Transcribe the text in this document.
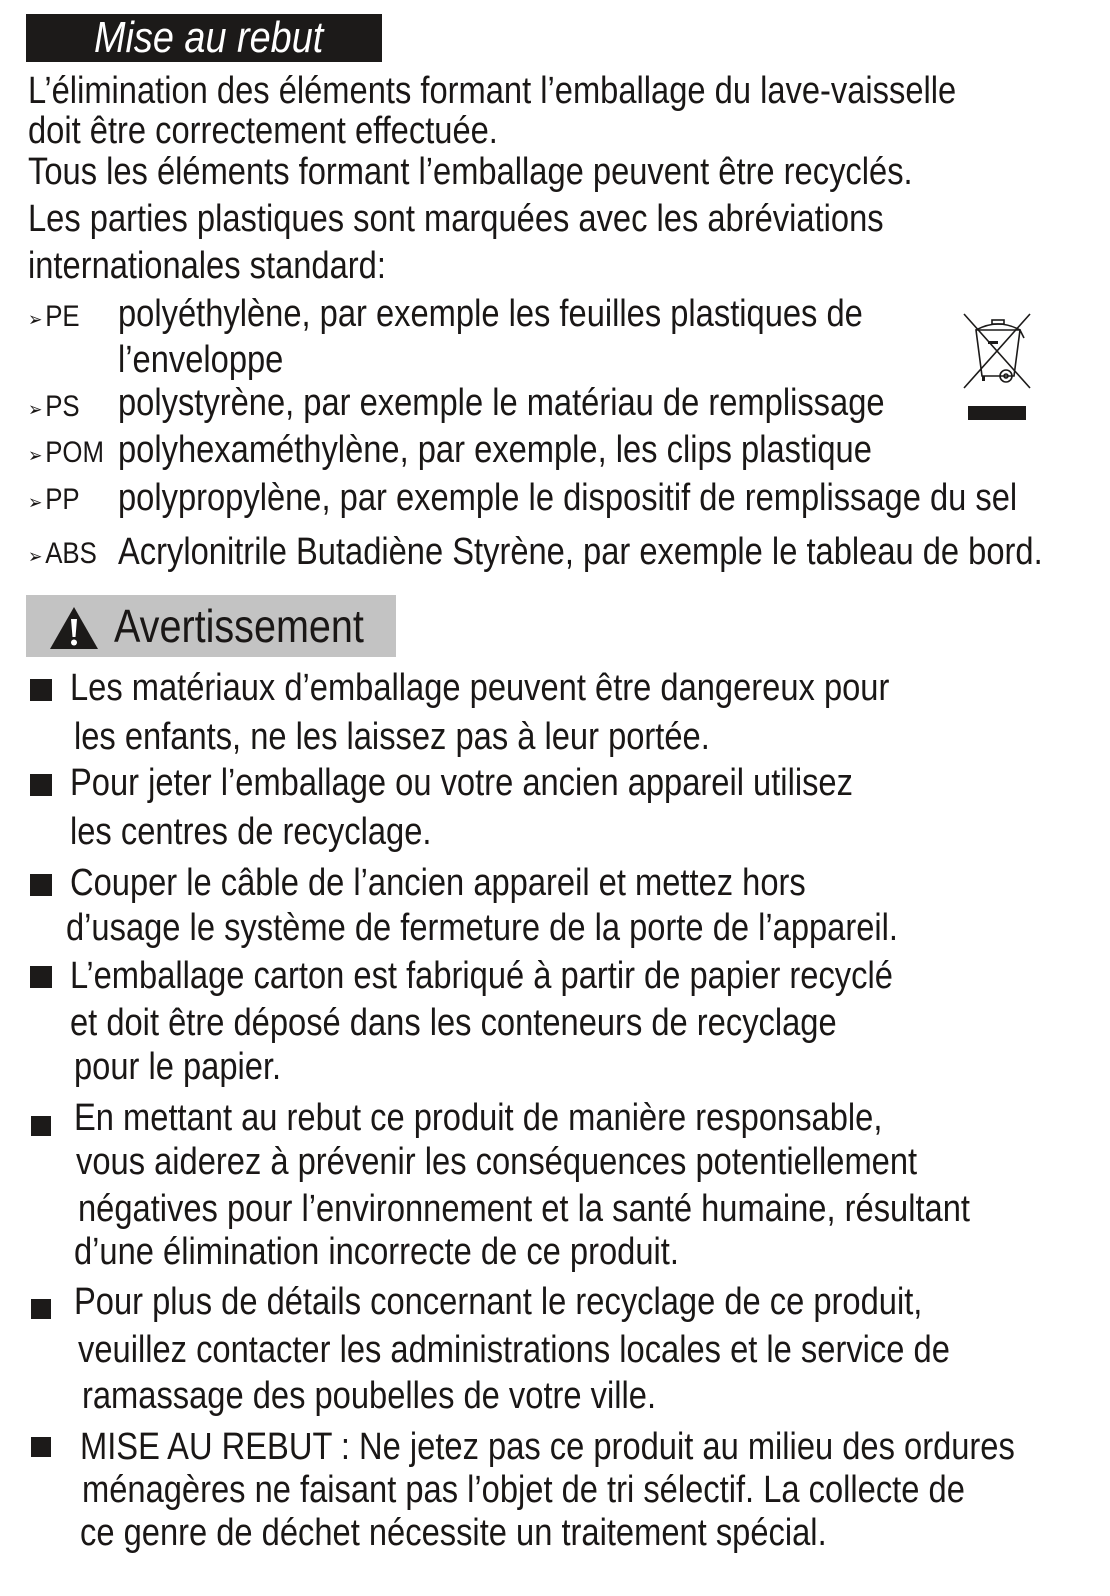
Mise au rebut
L’élimination des éléments formant l’emballage du lave-vaisselle
doit être correctement effectuée.
Tous les éléments formant l’emballage peuvent être recyclés.
Les parties plastiques sont marquées avec les abréviations
internationales standard:
➢PE polyéthylène, par exemple les feuilles plastiques de
l’enveloppe
➢PS polystyrène, par exemple le matériau de remplissage
➢POM polyhexaméthylène, par exemple, les clips plastique
➢PP polypropylène, par exemple le dispositif de remplissage du sel
➢ABS Acrylonitrile Butadiène Styrène, par exemple le tableau de bord.
Avertissement
Les matériaux d’emballage peuvent être dangereux pour
les enfants, ne les laissez pas à leur portée.
Pour jeter l’emballage ou votre ancien appareil utilisez
les centres de recyclage.
Couper le câble de l’ancien appareil et mettez hors
d’usage le système de fermeture de la porte de l’appareil.
L’emballage carton est fabriqué à partir de papier recyclé
et doit être déposé dans les conteneurs de recyclage
pour le papier.
En mettant au rebut ce produit de manière responsable,
vous aiderez à prévenir les conséquences potentiellement
négatives pour l’environnement et la santé humaine, résultant
d’une élimination incorrecte de ce produit.
Pour plus de détails concernant le recyclage de ce produit,
veuillez contacter les administrations locales et le service de
ramassage des poubelles de votre ville.
MISE AU REBUT : Ne jetez pas ce produit au milieu des ordures
ménagères ne faisant pas l’objet de tri sélectif. La collecte de
ce genre de déchet nécessite un traitement spécial.
